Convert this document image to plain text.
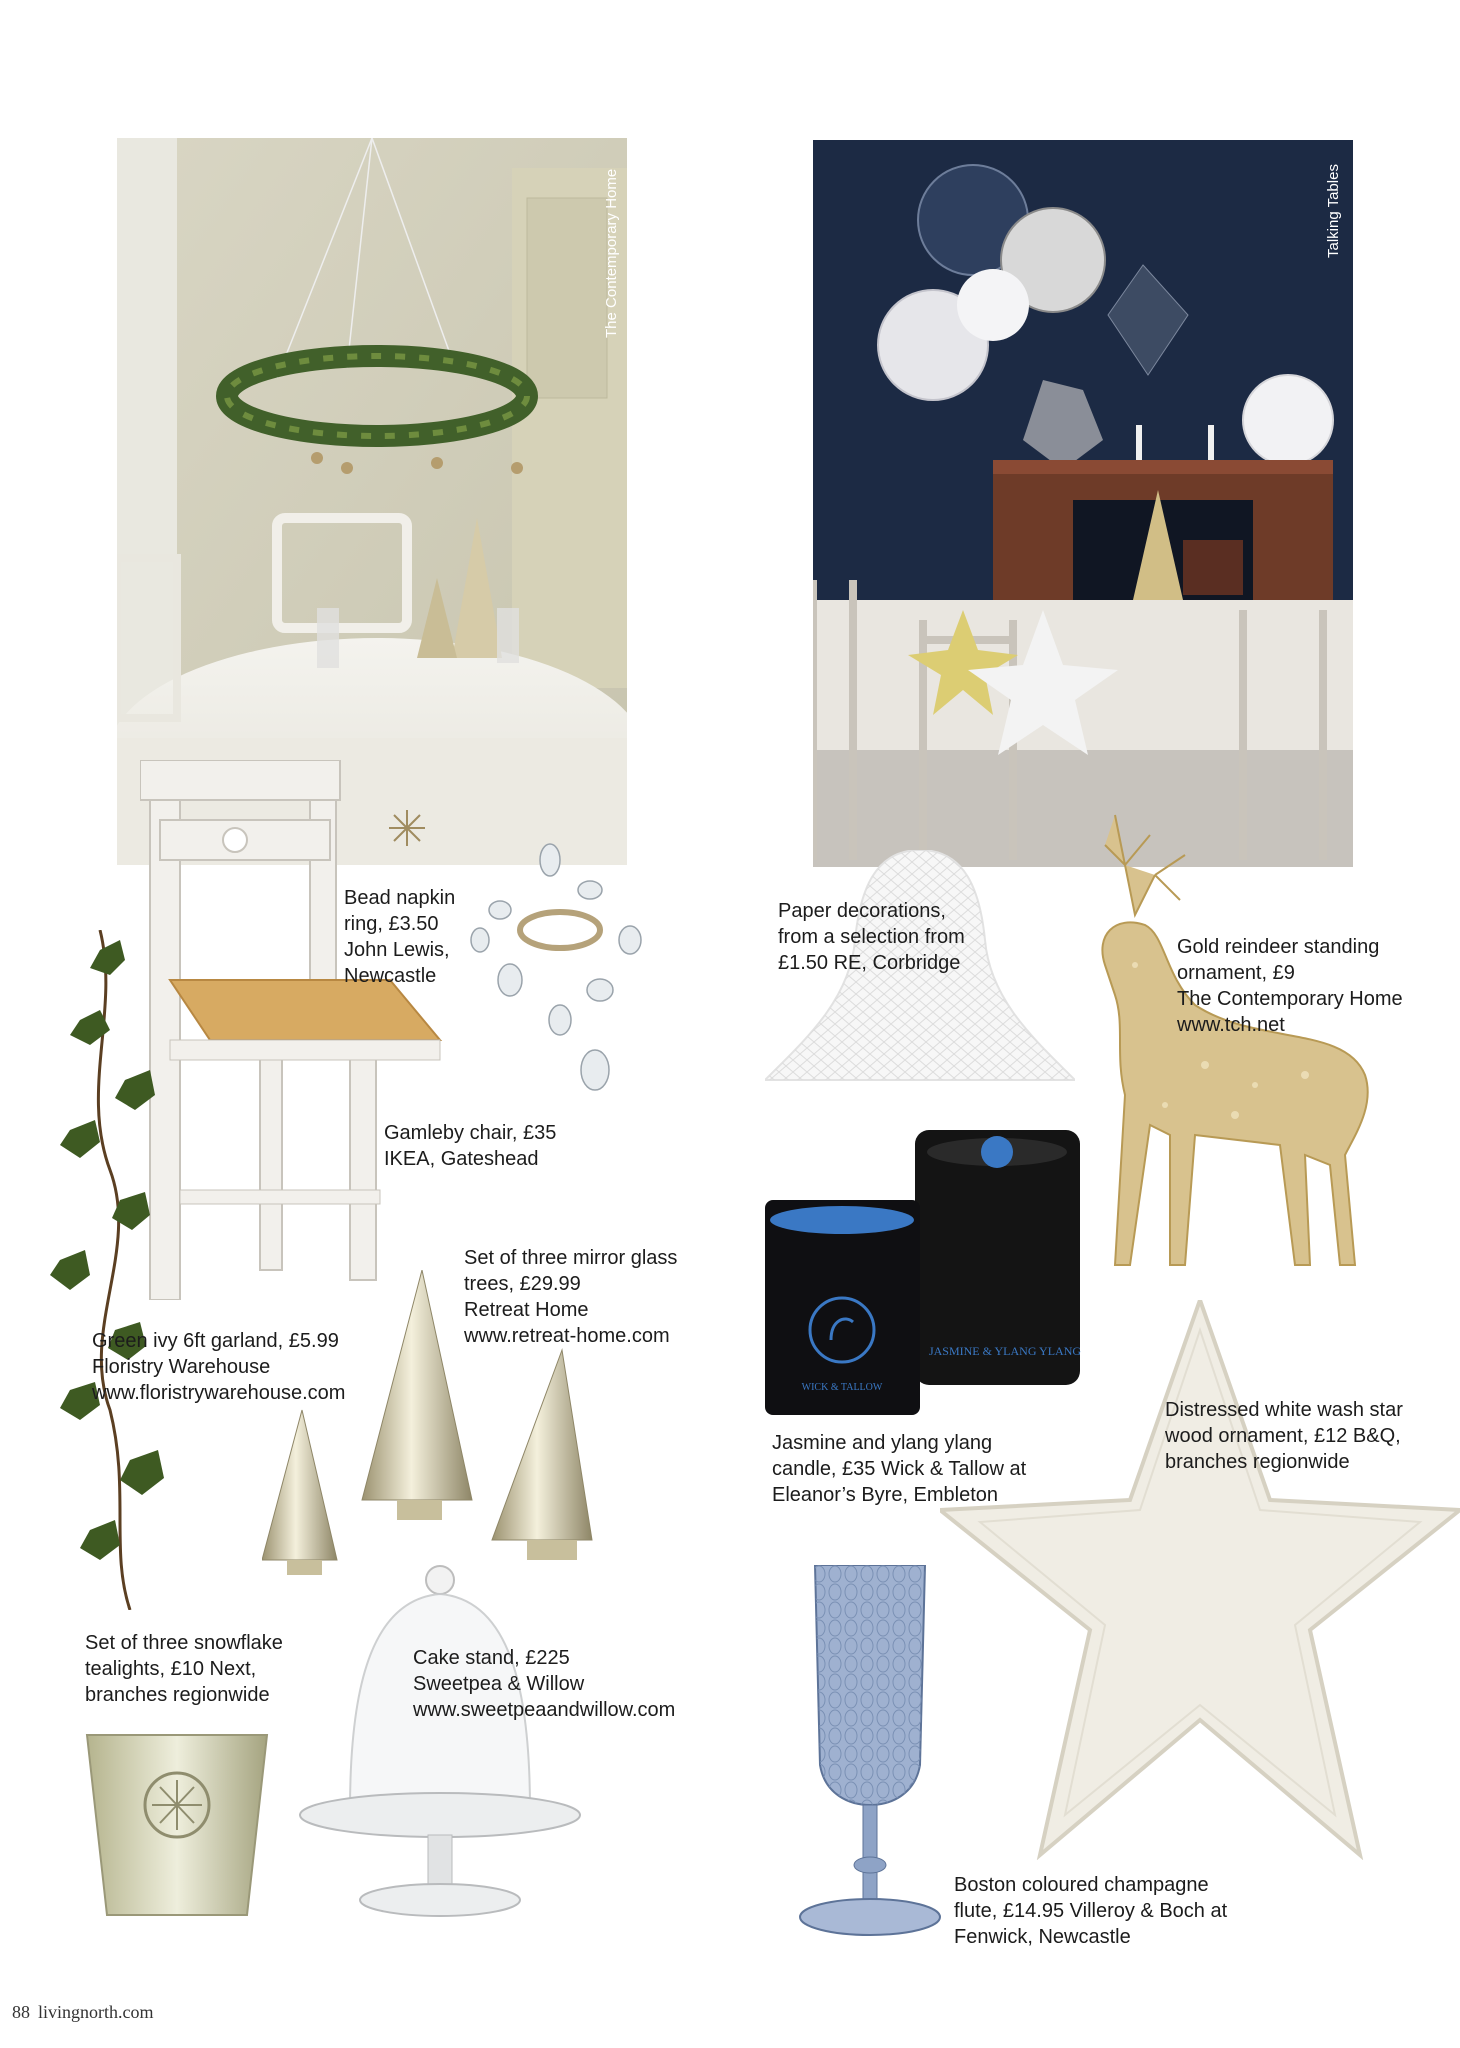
The Contemporary Home	Talking Tables
WICK & TALLOW
JASMINE & YLANG YLANG
Bead napkin
ring, £3.50
John Lewis,
Newcastle
Paper decorations,
from a selection from
£1.50 RE, Corbridge
Gold reindeer standing
ornament, £9
The Contemporary Home
www.tch.net
Gamleby chair, £35
IKEA, Gateshead
Set of three mirror glass
trees, £29.99
Retreat Home
www.retreat-home.com
Green ivy 6ft garland, £5.99
Floristry Warehouse
www.floristrywarehouse.com
Jasmine and ylang ylang
candle, £35 Wick & Tallow at
Eleanor’s Byre, Embleton
Distressed white wash star
wood ornament, £12 B&Q,
branches regionwide
Set of three snowflake
tealights, £10 Next,
branches regionwide
Cake stand, £225
Sweetpea & Willow
www.sweetpeaandwillow.com
Boston coloured champagne
flute, £14.95 Villeroy & Boch at
Fenwick, Newcastle
88 livingnorth.com
